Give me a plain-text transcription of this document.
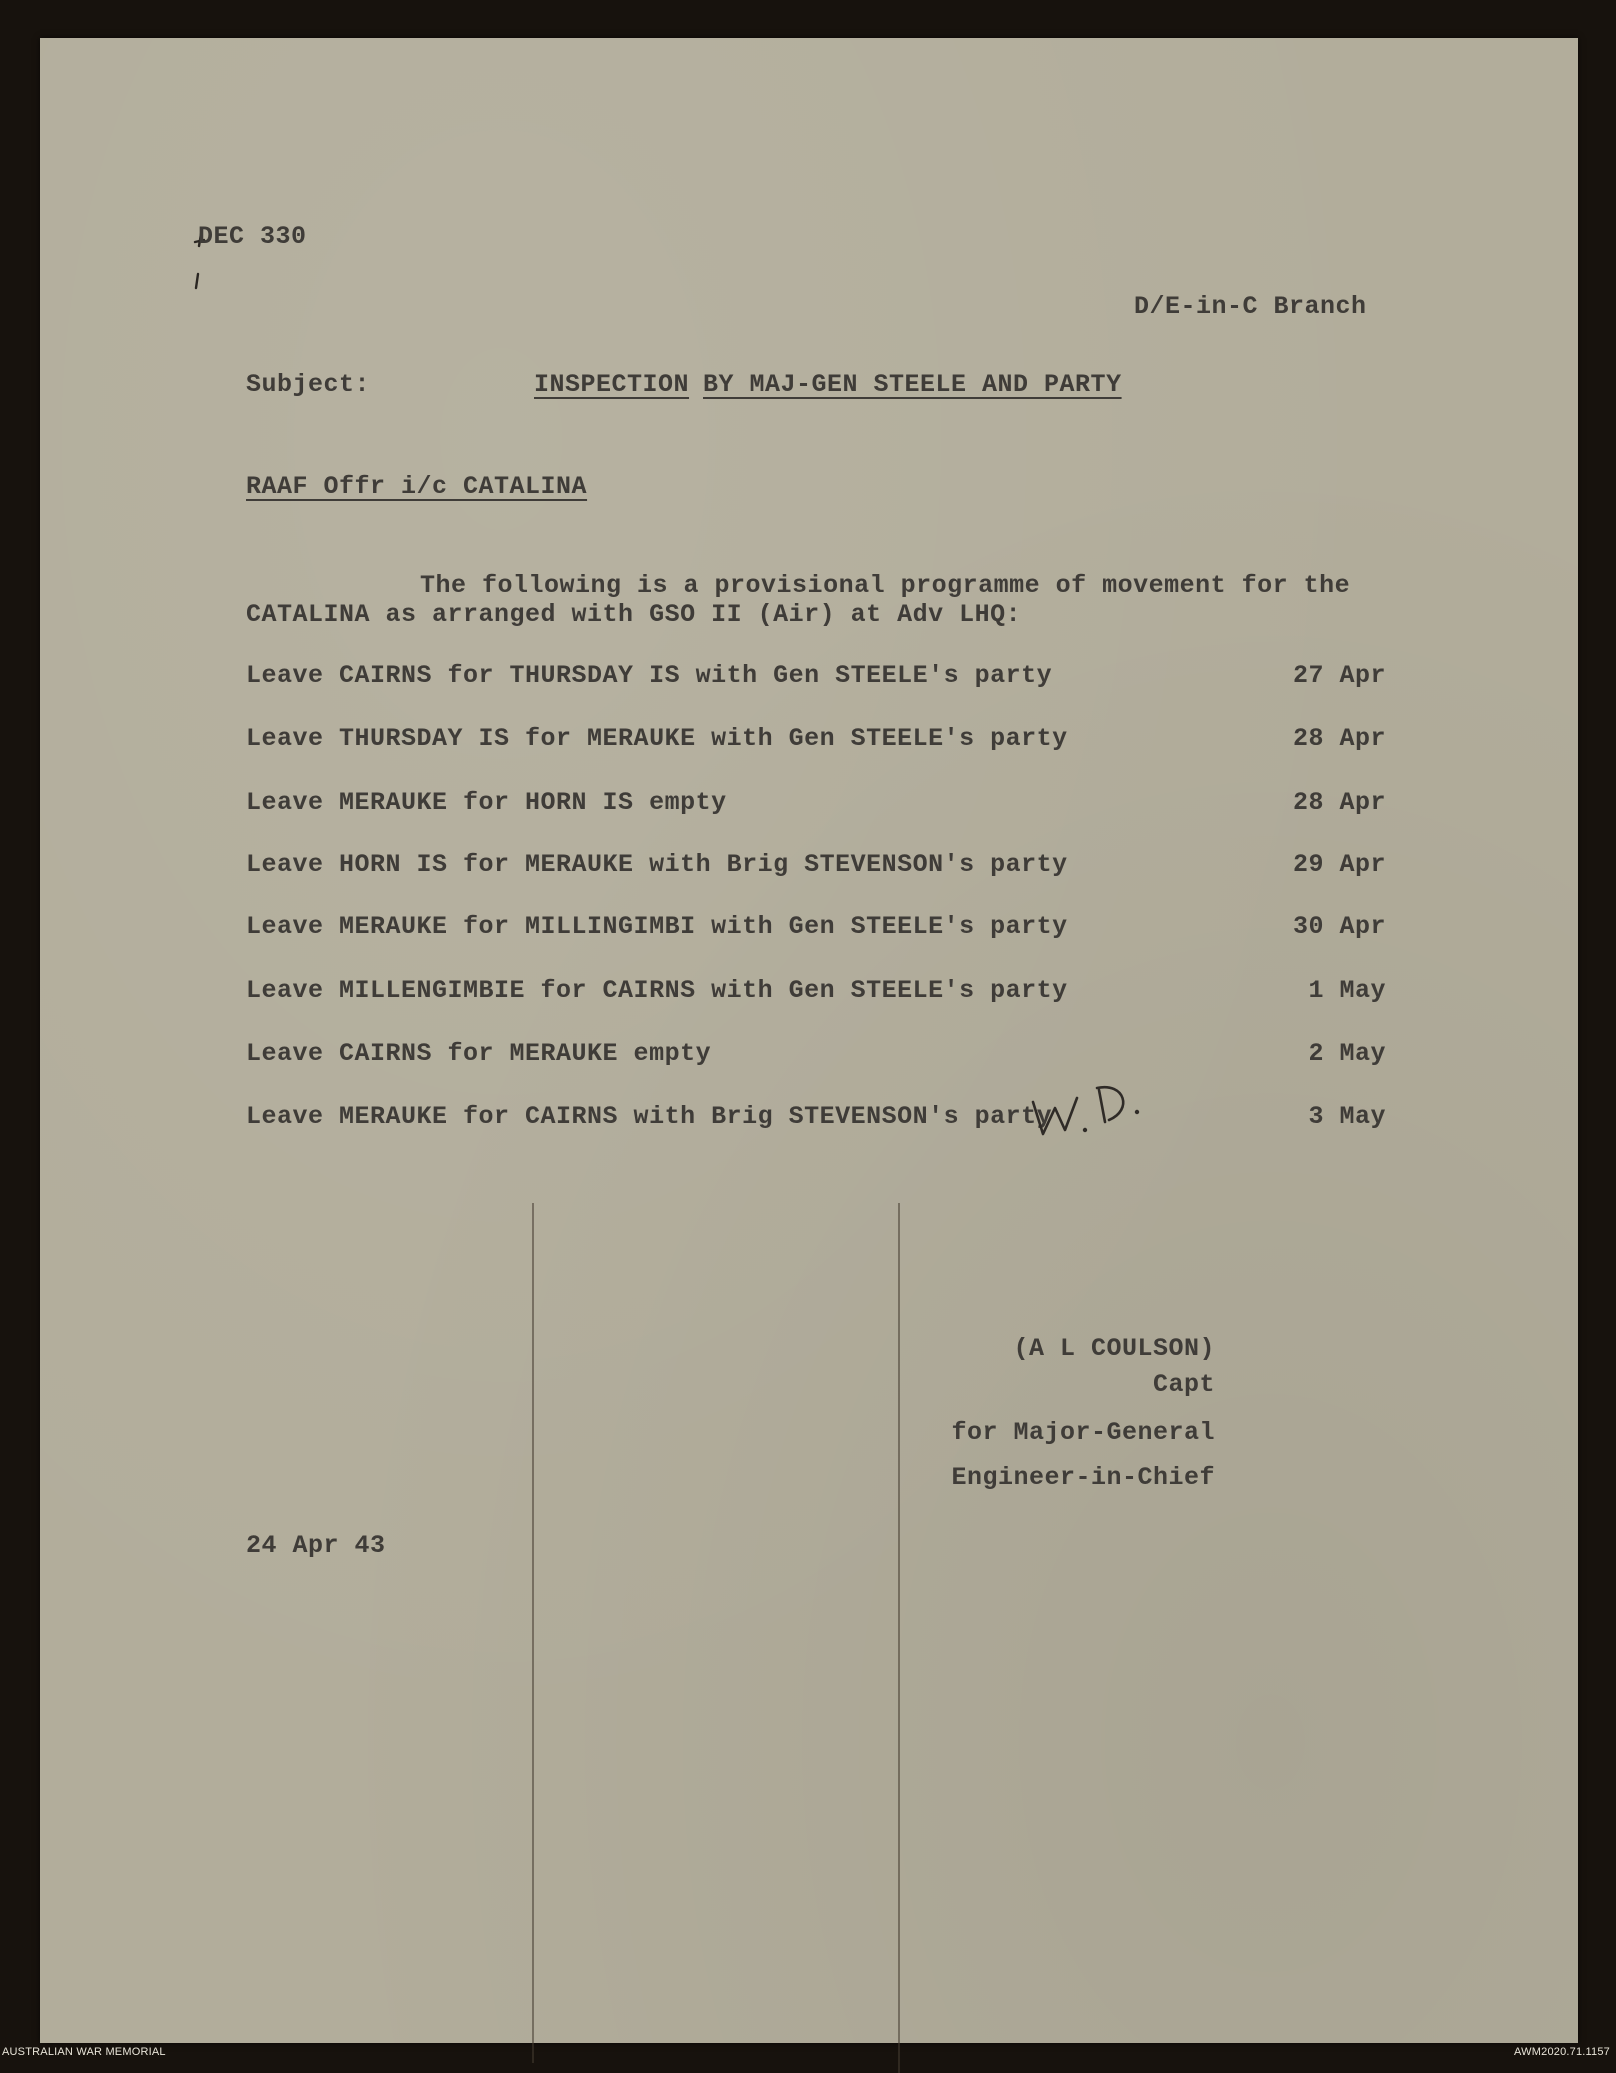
DEC 330
D/E-in-C Branch
Subject:	INSPECTION BY MAJ-GEN STEELE AND PARTY
RAAF Offr i/c CATALINA
The following is a provisional programme of movement for the
CATALINA as arranged with GSO II (Air) at Adv LHQ:
Leave CAIRNS for THURSDAY IS with Gen STEELE's party	27 Apr
Leave THURSDAY IS for MERAUKE with Gen STEELE's party	28 Apr
Leave MERAUKE for HORN IS empty	28 Apr
Leave HORN IS for MERAUKE with Brig STEVENSON's party	29 Apr
Leave MERAUKE for MILLINGIMBI with Gen STEELE's party	30 Apr
Leave MILLENGIMBIE for CAIRNS with Gen STEELE's party	1 May
Leave CAIRNS for MERAUKE empty	2 May
Leave MERAUKE for CAIRNS with Brig STEVENSON's party	3 May
(A L COULSON)
Capt
for Major-General
Engineer-in-Chief
24 Apr 43
AUSTRALIAN WAR MEMORIAL	AWM2020.71.1157
